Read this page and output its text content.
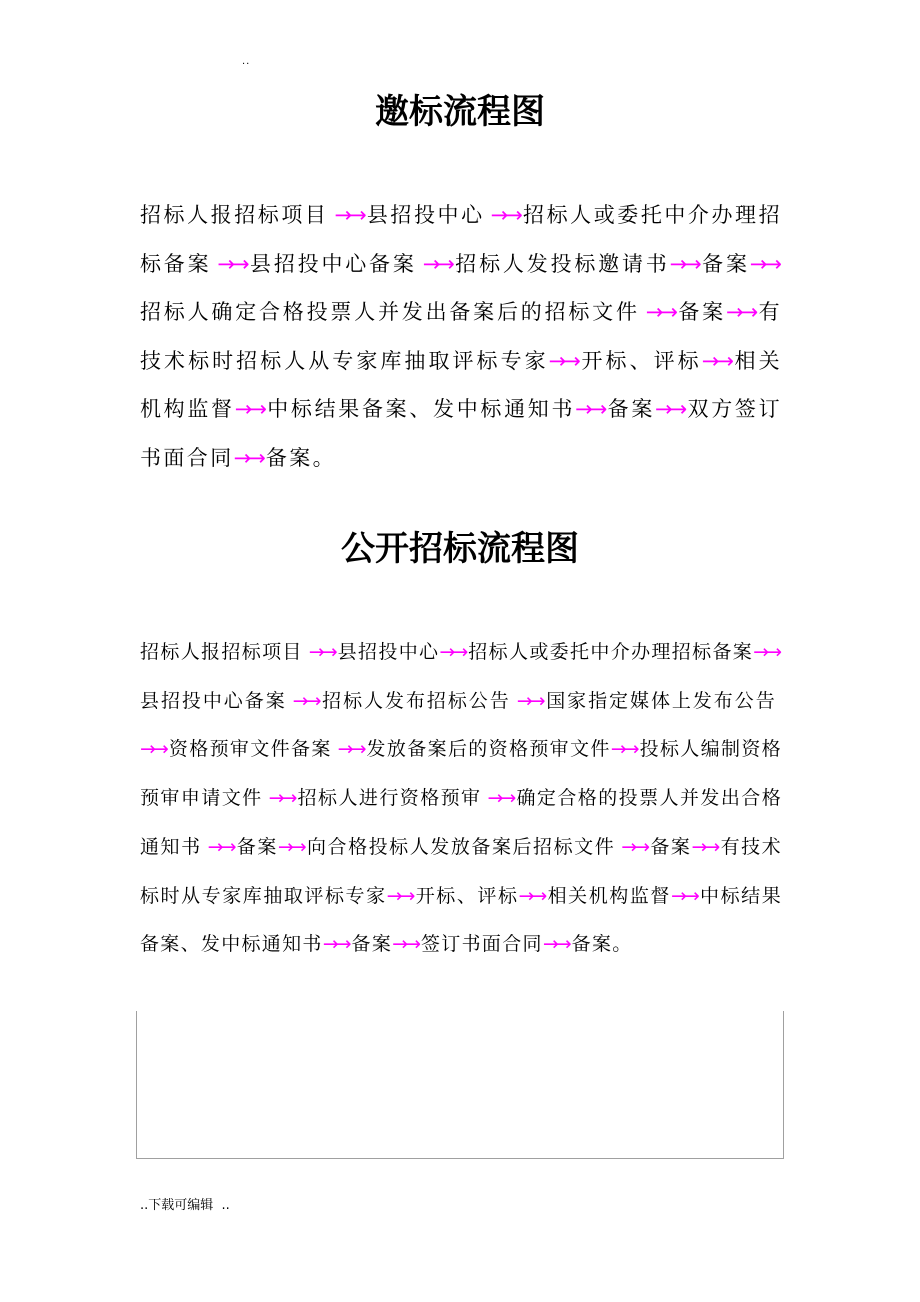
..
邀标流程图

招标人报招标项目 →→ 县招投中心 →→ 招标人或委托中介办理招标备案 →→ 县招投中心备案 →→ 招标人发投标邀请书→→ 备案→→招标人确定合格投票人并发出备案后的招标文件 →→ 备案→→ 有技术标时招标人从专家库抽取评标专家→→ 开标、评标→→ 相关机构监督→→ 中标结果备案、发中标通知书→→ 备案→→ 双方签订书面合同→→ 备案。

公开招标流程图

招标人报招标项目 →→ 县招投中心→→ 招标人或委托中介办理招标备案→→县招投中心备案 →→ 招标人发布招标公告 →→ 国家指定媒体上发布公告→→ 资格预审文件备案 →→ 发放备案后的资格预审文件→→ 投标人编制资格预审申请文件 →→ 招标人进行资格预审 →→ 确定合格的投票人并发出合格通知书 →→ 备案→→ 向合格投标人发放备案后招标文件 →→ 备案→→ 有技术标时从专家库抽取评标专家→→ 开标、评标→→ 相关机构监督→→ 中标结果备案、发中标通知书→→ 备案→→ 签订书面合同→→ 备案。

..下载可编辑  ..
